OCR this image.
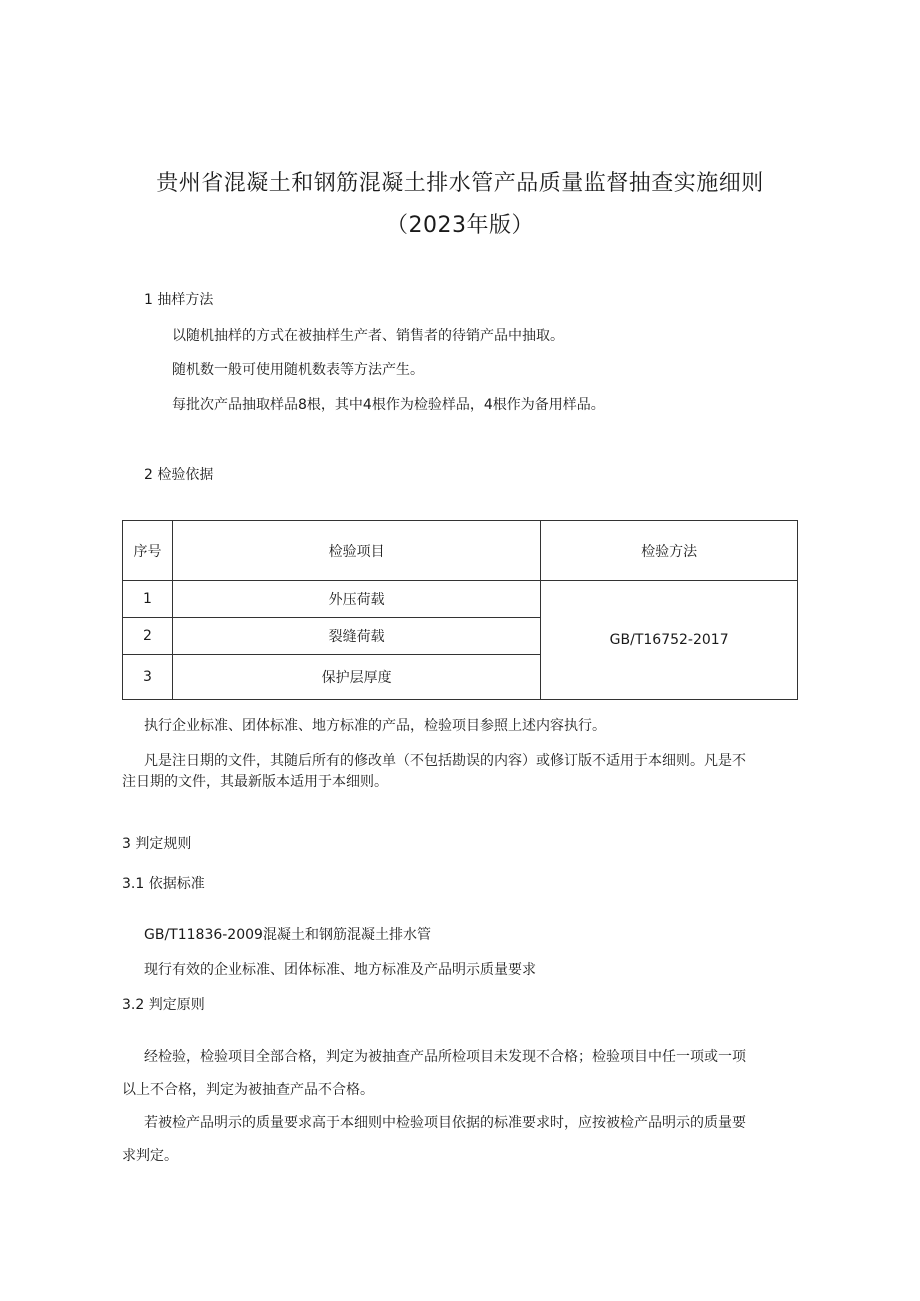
贵州省混凝土和钢筋混凝土排水管产品质量监督抽查实施细则
（2023年版）
1 抽样方法
以随机抽样的方式在被抽样生产者、销售者的待销产品中抽取。
随机数一般可使用随机数表等方法产生。
每批次产品抽取样品8根，其中4根作为检验样品，4根作为备用样品。
2 检验依据
序号	检验项目	检验方法
1	外压荷载	GB/T16752-2017
2	裂缝荷载	
3	保护层厚度	
执行企业标准、团体标准、地方标准的产品，检验项目参照上述内容执行。
凡是注日期的文件，其随后所有的修改单（不包括勘误的内容）或修订版不适用于本细则。凡是不
注日期的文件，其最新版本适用于本细则。
3 判定规则
3.1 依据标准
GB/T11836-2009混凝土和钢筋混凝土排水管
现行有效的企业标准、团体标准、地方标准及产品明示质量要求
3.2 判定原则
经检验，检验项目全部合格，判定为被抽查产品所检项目未发现不合格；检验项目中任一项或一项
以上不合格，判定为被抽查产品不合格。
若被检产品明示的质量要求高于本细则中检验项目依据的标准要求时，应按被检产品明示的质量要
求判定。
